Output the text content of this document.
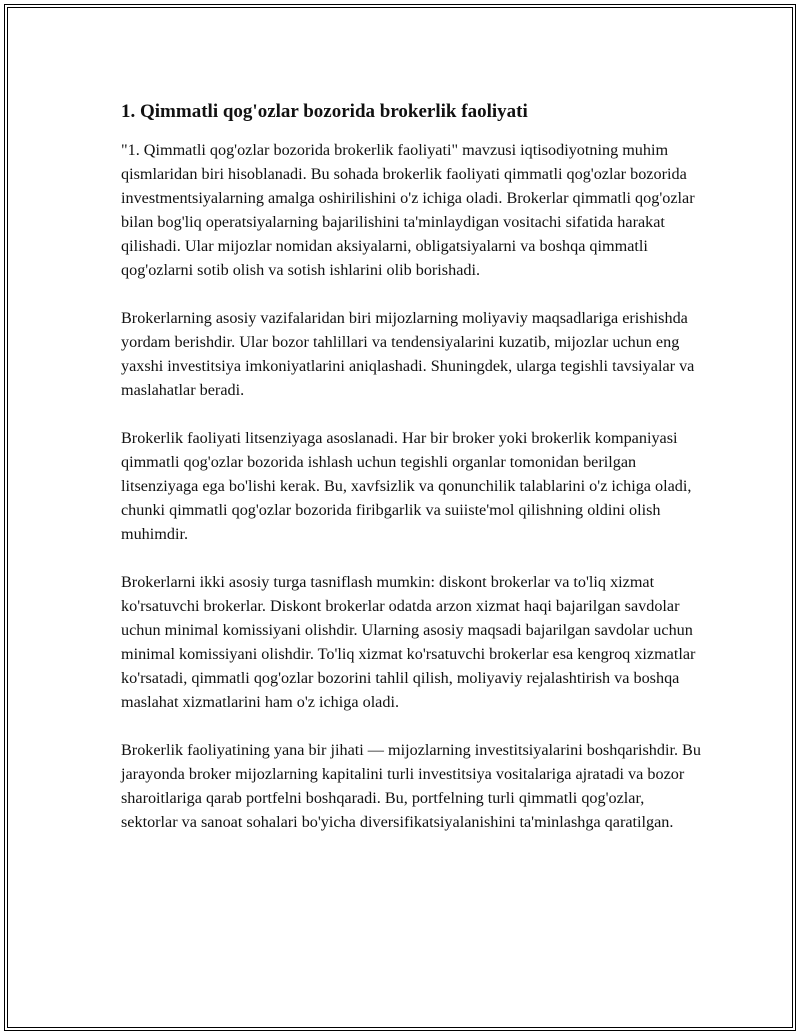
1. Qimmatli qog'ozlar bozorida brokerlik faoliyati

"1. Qimmatli qog'ozlar bozorida brokerlik faoliyati" mavzusi iqtisodiyotning muhim qismlaridan biri hisoblanadi. Bu sohada brokerlik faoliyati qimmatli qog'ozlar bozorida investmentsiyalarning amalga oshirilishini o'z ichiga oladi. Brokerlar qimmatli qog'ozlar bilan bog'liq operatsiyalarning bajarilishini ta'minlaydigan vositachi sifatida harakat qilishadi. Ular mijozlar nomidan aksiyalarni, obligatsiyalarni va boshqa qimmatli qog'ozlarni sotib olish va sotish ishlarini olib borishadi.

Brokerlarning asosiy vazifalaridan biri mijozlarning moliyaviy maqsadlariga erishishda yordam berishdir. Ular bozor tahlillari va tendensiyalarini kuzatib, mijozlar uchun eng yaxshi investitsiya imkoniyatlarini aniqlashadi. Shuningdek, ularga tegishli tavsiyalar va maslahatlar beradi.

Brokerlik faoliyati litsenziyaga asoslanadi. Har bir broker yoki brokerlik kompaniyasi qimmatli qog'ozlar bozorida ishlash uchun tegishli organlar tomonidan berilgan litsenziyaga ega bo'lishi kerak. Bu, xavfsizlik va qonunchilik talablarini o'z ichiga oladi, chunki qimmatli qog'ozlar bozorida firibgarlik va suiiste'mol qilishning oldini olish muhimdir.

Brokerlarni ikki asosiy turga tasniflash mumkin: diskont brokerlar va to'liq xizmat ko'rsatuvchi brokerlar. Diskont brokerlar odatda arzon xizmat haqi bajarilgan savdolar uchun minimal komissiyani olishdir. Ularning asosiy maqsadi bajarilgan savdolar uchun minimal komissiyani olishdir. To'liq xizmat ko'rsatuvchi brokerlar esa kengroq xizmatlar ko'rsatadi, qimmatli qog'ozlar bozorini tahlil qilish, moliyaviy rejalashtirish va boshqa maslahat xizmatlarini ham o'z ichiga oladi.

Brokerlik faoliyatining yana bir jihati — mijozlarning investitsiyalarini boshqarishdir. Bu jarayonda broker mijozlarning kapitalini turli investitsiya vositalariga ajratadi va bozor sharoitlariga qarab portfelni boshqaradi. Bu, portfelning turli qimmatli qog'ozlar, sektorlar va sanoat sohalari bo'yicha diversifikatsiyalanishini ta'minlashga qaratilgan.
